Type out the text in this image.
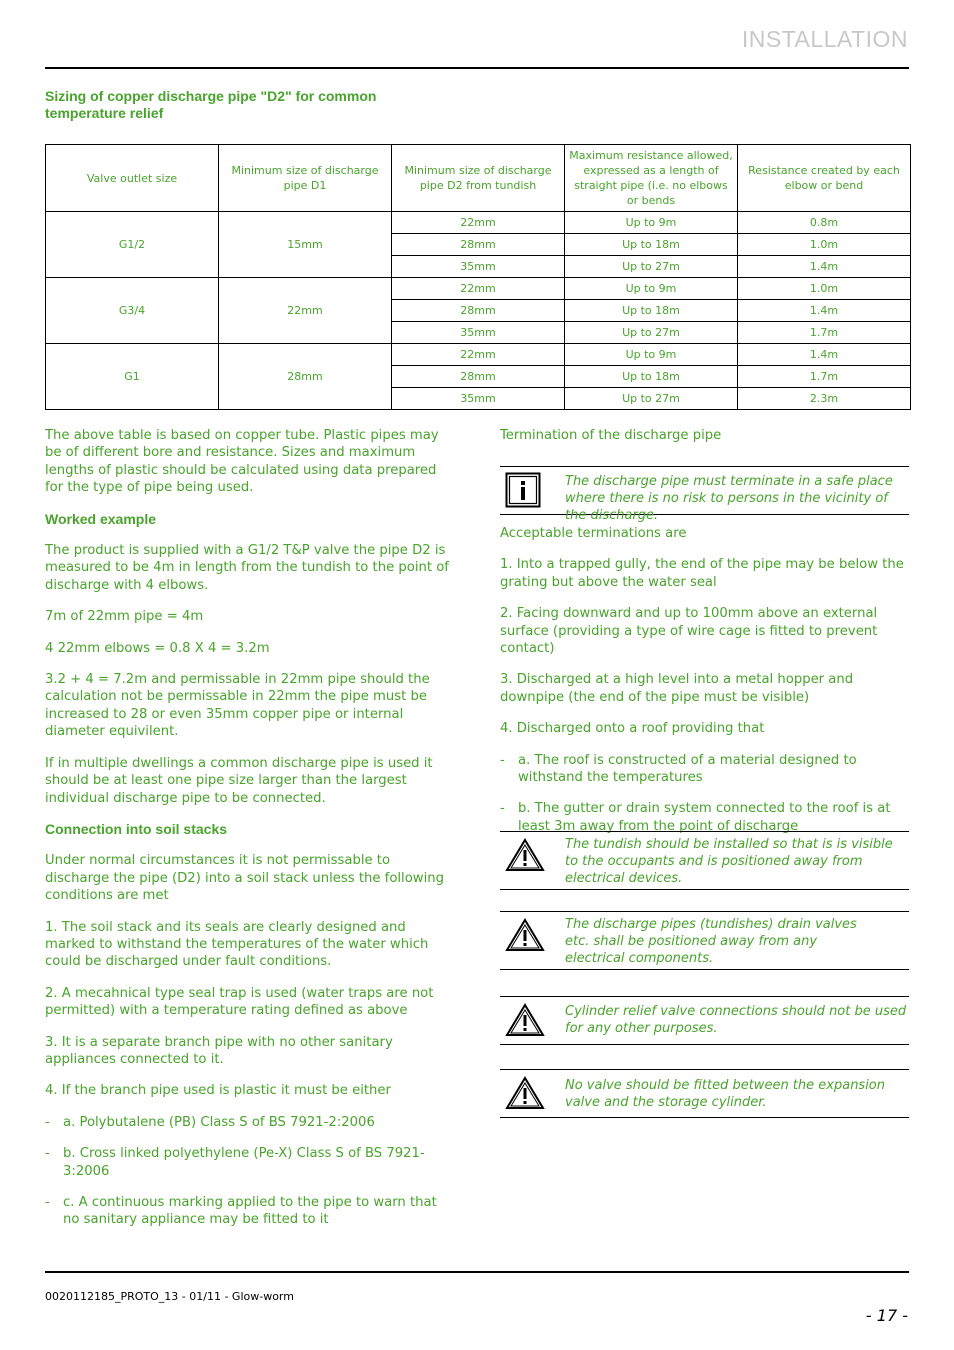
INSTALLATION
Sizing of copper discharge pipe "D2" for common temperature relief
Valve outlet size	Minimum size of discharge pipe D1	Minimum size of discharge pipe D2 from tundish	Maximum resistance allowed, expressed as a length of straight pipe (i.e. no elbows or bends	Resistance created by each elbow or bend
G1/2	15mm	22mm	Up to 9m	0.8m
		28mm	Up to 18m	1.0m
		35mm	Up to 27m	1.4m
G3/4	22mm	22mm	Up to 9m	1.0m
		28mm	Up to 18m	1.4m
		35mm	Up to 27m	1.7m
G1	28mm	22mm	Up to 9m	1.4m
		28mm	Up to 18m	1.7m
		35mm	Up to 27m	2.3m

The above table is based on copper tube. Plastic pipes may be of different bore and resistance. Sizes and maximum lengths of plastic should be calculated using data prepared for the type of pipe being used.

Worked example

The product is supplied with a G1/2 T&P valve the pipe D2 is measured to be 4m in length from the tundish to the point of discharge with 4 elbows.

7m of 22mm pipe = 4m

4 22mm elbows = 0.8 X 4 = 3.2m

3.2 + 4 = 7.2m and permissable in 22mm pipe should the calculation not be permissable in 22mm the pipe must be increased to 28 or even 35mm copper pipe or internal diameter equivilent.

If in multiple dwellings a common discharge pipe is used it should be at least one pipe size larger than the largest individual discharge pipe to be connected.

Connection into soil stacks

Under normal circumstances it is not permissable to discharge the pipe (D2) into a soil stack unless the following conditions are met

1. The soil stack and its seals are clearly designed and marked to withstand the temperatures of the water which could be discharged under fault conditions.

2. A mecahnical type seal trap is used (water traps are not permitted) with a temperature rating defined as above

3. It is a separate branch pipe with no other sanitary appliances connected to it.

4. If the branch pipe used is plastic it must be either

- a. Polybutalene (PB) Class S of BS 7921-2:2006

- b. Cross linked polyethylene (Pe-X) Class S of BS 7921-3:2006

- c. A continuous marking applied to the pipe to warn that no sanitary appliance may be fitted to it

Termination of the discharge pipe

The discharge pipe must terminate in a safe place where there is no risk to persons in the vicinity of the discharge.

Acceptable terminations are

1. Into a trapped gully, the end of the pipe may be below the grating but above the water seal

2. Facing downward and up to 100mm above an external surface (providing a type of wire cage is fitted to prevent contact)

3. Discharged at a high level into a metal hopper and downpipe (the end of the pipe must be visible)

4. Discharged onto a roof providing that

- a. The roof is constructed of a material designed to withstand the temperatures

- b. The gutter or drain system connected to the roof is at least 3m away from the point of discharge

The tundish should be installed so that is is visible to the occupants and is positioned away from electrical devices.
The discharge pipes (tundishes) drain valves etc. shall be positioned away from any electrical components.
Cylinder relief valve connections should not be used for any other purposes.
No valve should be fitted between the expansion valve and the storage cylinder.
0020112185_PROTO_13 - 01/11 - Glow-worm
- 17 -
